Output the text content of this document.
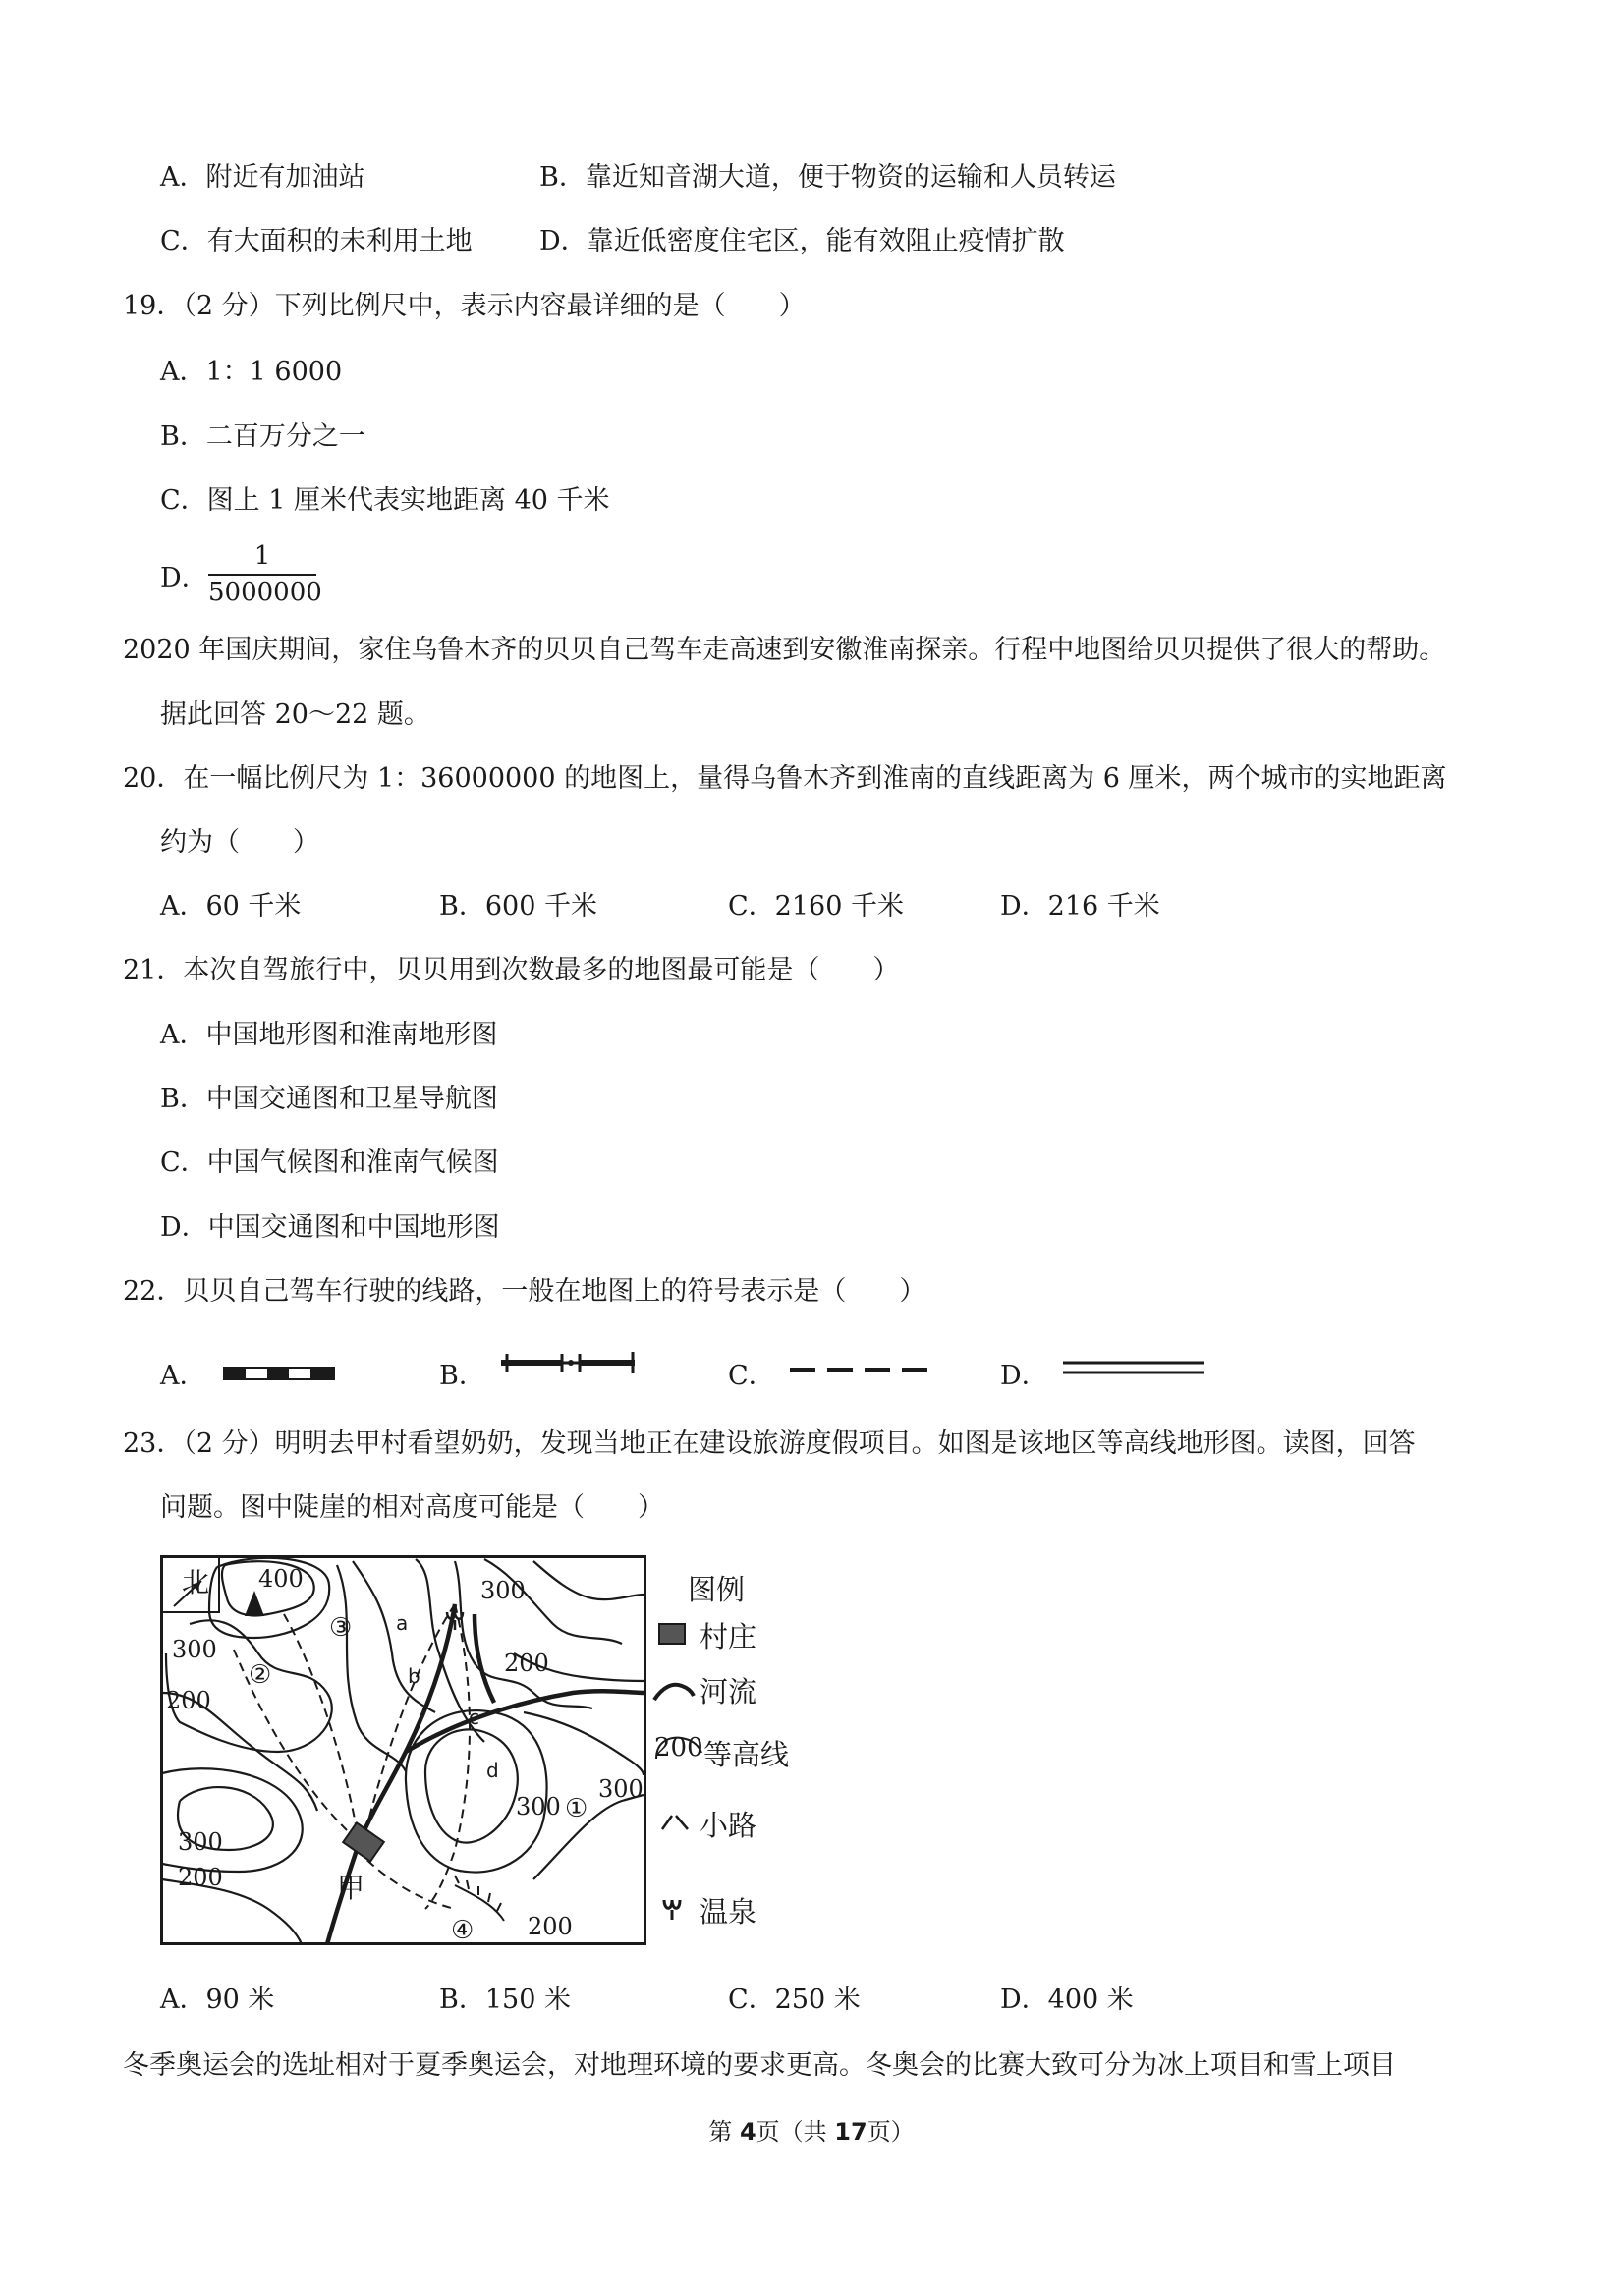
A．附近有加油站	B．靠近知音湖大道，便于物资的运输和人员转运
C．有大面积的未利用土地	D．靠近低密度住宅区，能有效阻止疫情扩散
19．（2 分）下列比例尺中，表示内容最详细的是（　　）
A．1：1 6000
B．二百万分之一
C．图上 1 厘米代表实地距离 40 千米
D．
1
5000000
2020 年国庆期间，家住乌鲁木齐的贝贝自己驾车走高速到安徽淮南探亲。行程中地图给贝贝提供了很大的帮助。
据此回答 20～22 题。
20．在一幅比例尺为 1：36000000 的地图上，量得乌鲁木齐到淮南的直线距离为 6 厘米，两个城市的实地距离
约为（　　）
A．60 千米	B．600 千米	C．2160 千米	D．216 千米
21．本次自驾旅行中，贝贝用到次数最多的地图最可能是（　　）
A．中国地形图和淮南地形图
B．中国交通图和卫星导航图
C．中国气候图和淮南气候图
D．中国交通图和中国地形图
22．贝贝自己驾车行驶的线路，一般在地图上的符号表示是（　　）
A．	B．	C．	D．
23．（2 分）明明去甲村看望奶奶，发现当地正在建设旅游度假项目。如图是该地区等高线地形图。读图，回答
问题。图中陡崖的相对高度可能是（　　）
北 400	300
300
200
200
300
300
300
200
200
甲
a
b
c
d
①
②
③
④
图例
村庄
河流
200 等高线
小路
温泉
A．90 米	B．150 米	C．250 米	D．400 米
冬季奥运会的选址相对于夏季奥运会，对地理环境的要求更高。冬奥会的比赛大致可分为冰上项目和雪上项目
第 4页（共 17页）
